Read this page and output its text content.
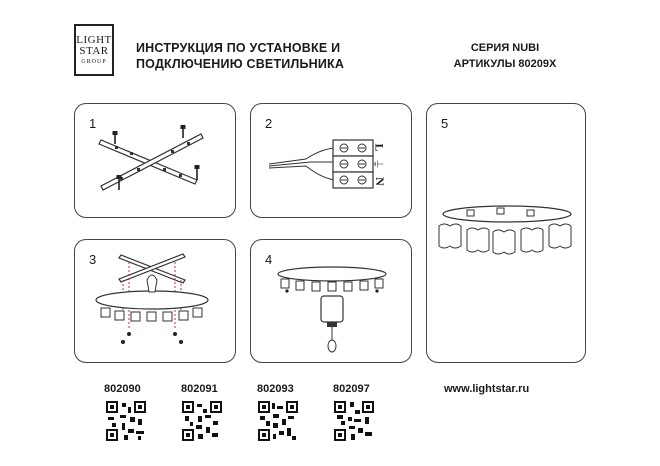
LIGHT
STAR
GROUP
ИНСТРУКЦИЯ ПО УСТАНОВКЕ И
ПОДКЛЮЧЕНИЮ СВЕТИЛЬНИКА
СЕРИЯ NUBI
АРТИКУЛЫ 80209X
1	2
L
⏚
N
3	4
5
802090	802091	802093	802097	www.lightstar.ru
